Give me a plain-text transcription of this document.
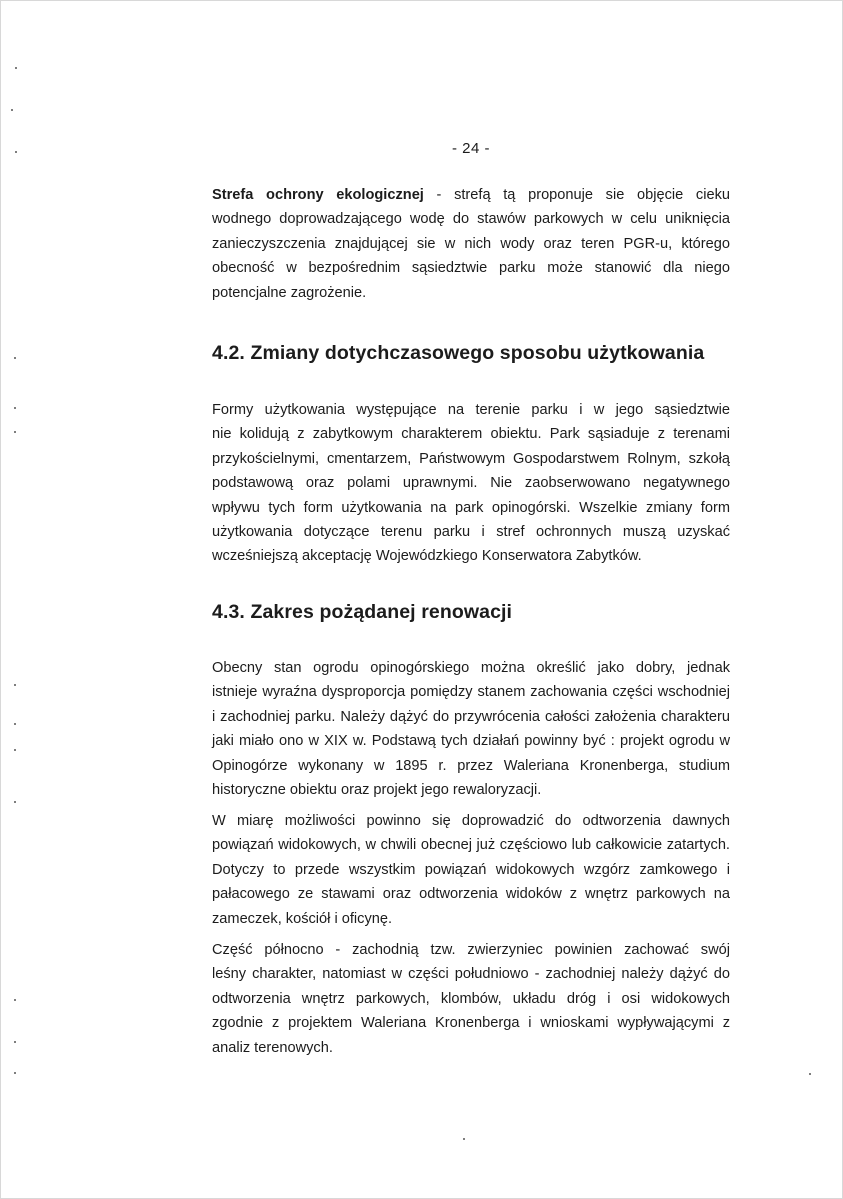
- 24 -
Strefa ochrony ekologicznej - strefą tą proponuje sie objęcie cieku
wodnego doprowadzającego wodę do stawów parkowych w celu uniknięcia
zanieczyszczenia znajdującej sie w nich wody oraz teren PGR-u, którego
obecność w bezpośrednim sąsiedztwie parku może stanowić dla niego
potencjalne zagrożenie.
4.2. Zmiany dotychczasowego sposobu użytkowania
Formy użytkowania występujące na terenie parku i w jego sąsiedztwie
nie kolidują z zabytkowym charakterem obiektu. Park sąsiaduje z terenami
przykościelnymi, cmentarzem, Państwowym Gospodarstwem Rolnym, szkołą
podstawową oraz polami uprawnymi. Nie zaobserwowano negatywnego
wpływu tych form użytkowania na park opinogórski. Wszelkie zmiany form
użytkowania dotyczące terenu parku i stref ochronnych muszą uzyskać
wcześniejszą akceptację Wojewódzkiego Konserwatora Zabytków.
4.3. Zakres pożądanej renowacji
Obecny stan ogrodu opinogórskiego można określić jako dobry, jednak
istnieje wyraźna dysproporcja pomiędzy stanem zachowania części wschodniej
i zachodniej parku. Należy dążyć do przywrócenia całości założenia charakteru
jaki miało ono w XIX w. Podstawą tych działań powinny być : projekt ogrodu w
Opinogórze wykonany w 1895 r. przez Waleriana Kronenberga, studium
historyczne obiektu oraz projekt jego rewaloryzacji.
W miarę możliwości powinno się doprowadzić do odtworzenia dawnych
powiązań widokowych, w chwili obecnej już częściowo lub całkowicie zatartych.
Dotyczy to przede wszystkim powiązań widokowych wzgórz zamkowego i
pałacowego ze stawami oraz odtworzenia widoków z wnętrz parkowych na
zameczek, kościół i oficynę.
Część północno - zachodnią tzw. zwierzyniec powinien zachować swój
leśny charakter, natomiast w części południowo - zachodniej należy dążyć do
odtworzenia wnętrz parkowych, klombów, układu dróg i osi widokowych
zgodnie z projektem Waleriana Kronenberga i wnioskami wypływającymi z
analiz terenowych.
